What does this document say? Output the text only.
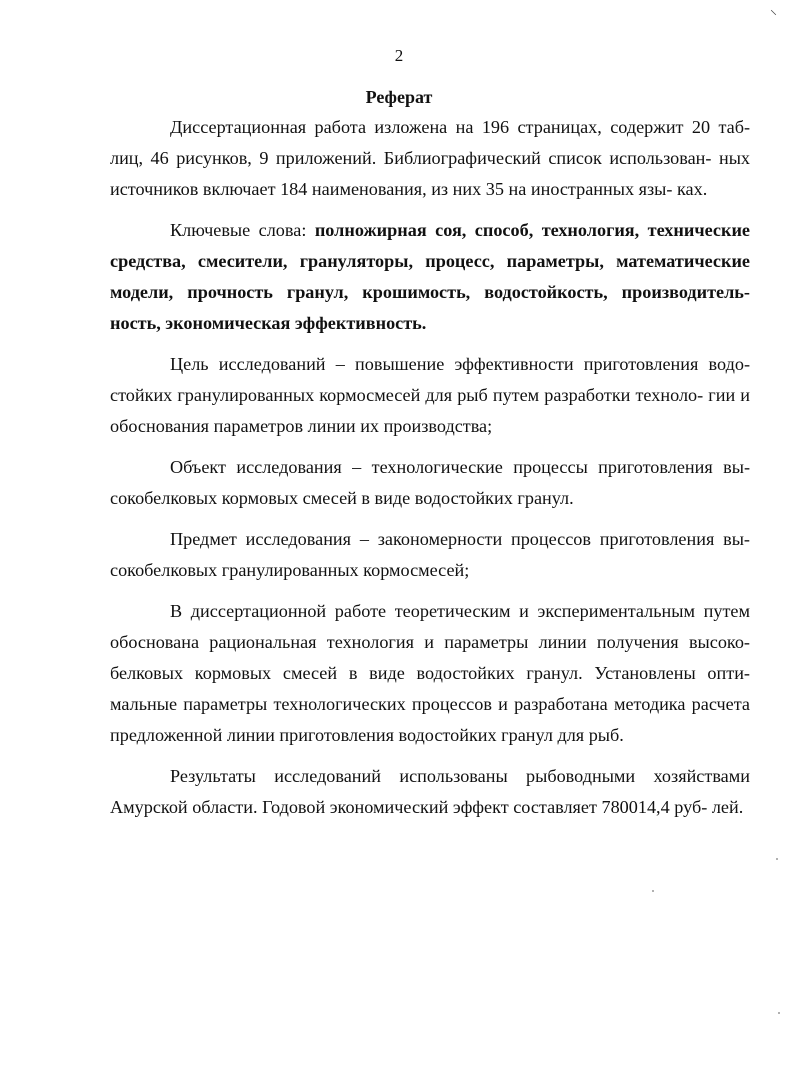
⸜
2
Реферат

Диссертационная работа изложена на 196 страницах, содержит 20 таб- лиц, 46 рисунков, 9 приложений. Библиографический список использован- ных источников включает 184 наименования, из них 35 на иностранных язы- ках.

Ключевые слова: полножирная соя, способ, технология, технические средства, смесители, грануляторы, процесс, параметры, математические модели, прочность гранул, крошимость, водостойкость, производитель- ность, экономическая эффективность.

Цель исследований – повышение эффективности приготовления водо- стойких гранулированных кормосмесей для рыб путем разработки техноло- гии и обоснования параметров линии их производства;

Объект исследования – технологические процессы приготовления вы- сокобелковых кормовых смесей в виде водостойких гранул.

Предмет исследования – закономерности процессов приготовления вы- сокобелковых гранулированных кормосмесей;

В диссертационной работе теоретическим и экспериментальным путем обоснована рациональная технология и параметры линии получения высоко- белковых кормовых смесей в виде водостойких гранул. Установлены опти- мальные параметры технологических процессов и разработана методика расчета предложенной линии приготовления водостойких гранул для рыб.

Результаты исследований использованы рыбоводными хозяйствами Амурской области. Годовой экономический эффект составляет 780014,4 руб- лей.
